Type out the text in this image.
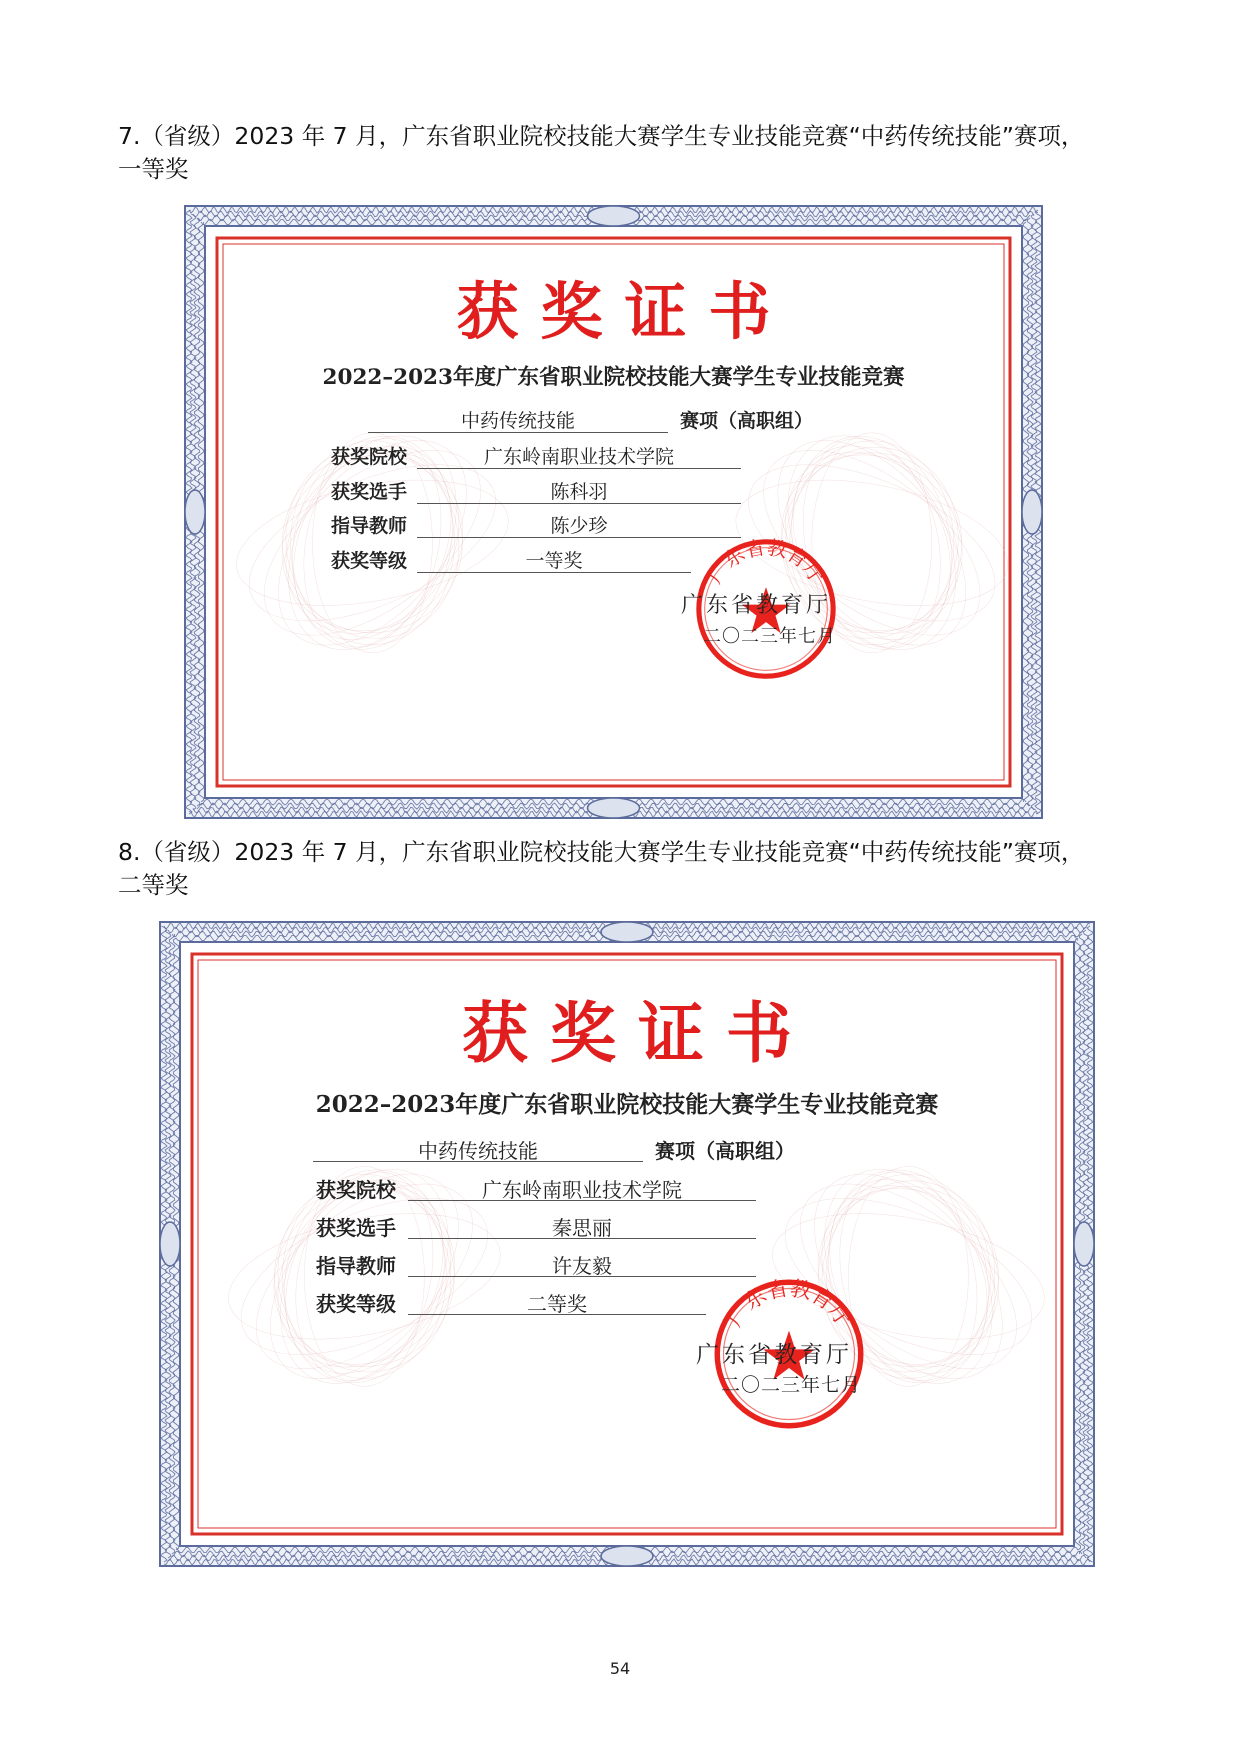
7.（省级）2023 年 7 月，广东省职业院校技能大赛学生专业技能竞赛“中药传统技能”赛项，
一等奖
获奖证书
2022–2023年度广东省职业院校技能大赛学生专业技能竞赛
中药传统技能	赛项（高职组）
获奖院校	广东岭南职业技术学院
获奖选手	陈科羽
指导教师	陈少珍
获奖等级	一等奖	广东省教育厅
广东省教育厅
二〇二三年七月
8.（省级）2023 年 7 月，广东省职业院校技能大赛学生专业技能竞赛“中药传统技能”赛项，
二等奖
获奖证书
2022–2023年度广东省职业院校技能大赛学生专业技能竞赛
中药传统技能	赛项（高职组）
获奖院校	广东岭南职业技术学院
获奖选手	秦思丽
指导教师	许友毅
获奖等级	二等奖	广东省教育厅
广东省教育厅
二〇二三年七月
54
